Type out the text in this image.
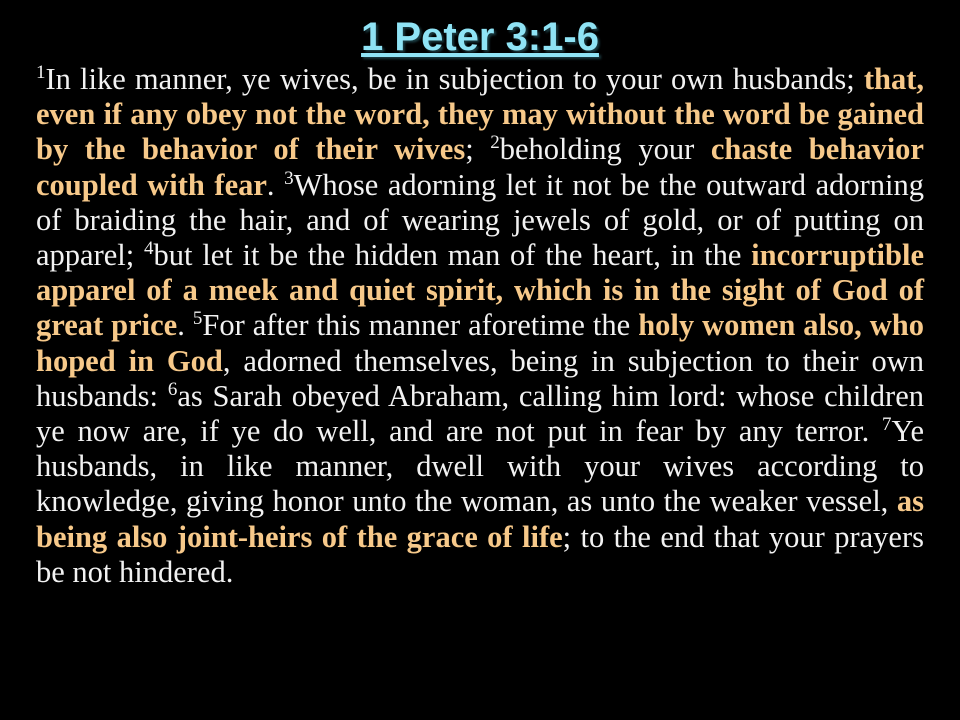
1 Peter 3:1-6

$^1$In like manner, ye wives, be in subjection to your own husbands; that, even if any obey not the word, they may without the word be gained by the behavior of their wives; $^2$beholding your chaste behavior coupled with fear. $^3$Whose adorning let it not be the outward adorning of braiding the hair, and of wearing jewels of gold, or of putting on apparel; $^4$but let it be the hidden man of the heart, in the incorruptible apparel of a meek and quiet spirit, which is in the sight of God of great price. $^5$For after this manner aforetime the holy women also, who hoped in God, adorned themselves, being in subjection to their own husbands: $^6$as Sarah obeyed Abraham, calling him lord: whose children ye now are, if ye do well, and are not put in fear by any terror. $^7$Ye husbands, in like manner, dwell with your wives according to knowledge, giving honor unto the woman, as unto the weaker vessel, as being also joint-heirs of the grace of life; to the end that your prayers be not hindered.
